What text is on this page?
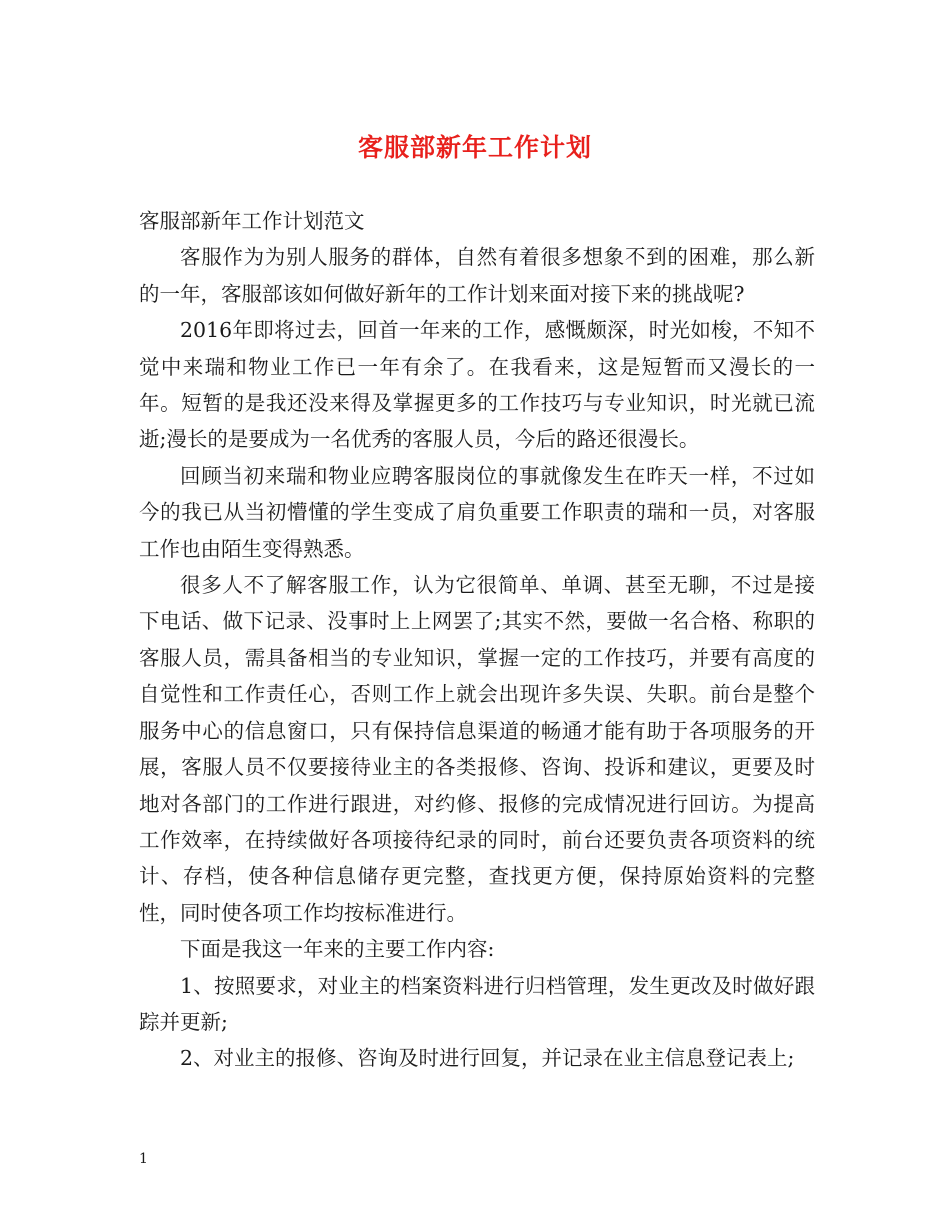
客服部新年工作计划

客服部新年工作计划范文

客服作为为别人服务的群体，自然有着很多想象不到的困难，那么新的一年，客服部该如何做好新年的工作计划来面对接下来的挑战呢?

2016年即将过去，回首一年来的工作，感慨颇深，时光如梭，不知不觉中来瑞和物业工作已一年有余了。在我看来，这是短暂而又漫长的一年。短暂的是我还没来得及掌握更多的工作技巧与专业知识，时光就已流逝;漫长的是要成为一名优秀的客服人员，今后的路还很漫长。

回顾当初来瑞和物业应聘客服岗位的事就像发生在昨天一样，不过如今的我已从当初懵懂的学生变成了肩负重要工作职责的瑞和一员，对客服工作也由陌生变得熟悉。

很多人不了解客服工作，认为它很简单、单调、甚至无聊，不过是接下电话、做下记录、没事时上上网罢了;其实不然，要做一名合格、称职的客服人员，需具备相当的专业知识，掌握一定的工作技巧，并要有高度的自觉性和工作责任心，否则工作上就会出现许多失误、失职。前台是整个服务中心的信息窗口，只有保持信息渠道的畅通才能有助于各项服务的开展，客服人员不仅要接待业主的各类报修、咨询、投诉和建议，更要及时地对各部门的工作进行跟进，对约修、报修的完成情况进行回访。为提高工作效率，在持续做好各项接待纪录的同时，前台还要负责各项资料的统计、存档，使各种信息储存更完整，查找更方便，保持原始资料的完整性，同时使各项工作均按标准进行。

下面是我这一年来的主要工作内容:

1、按照要求，对业主的档案资料进行归档管理，发生更改及时做好跟踪并更新;

2、对业主的报修、咨询及时进行回复，并记录在业主信息登记表上;

1
